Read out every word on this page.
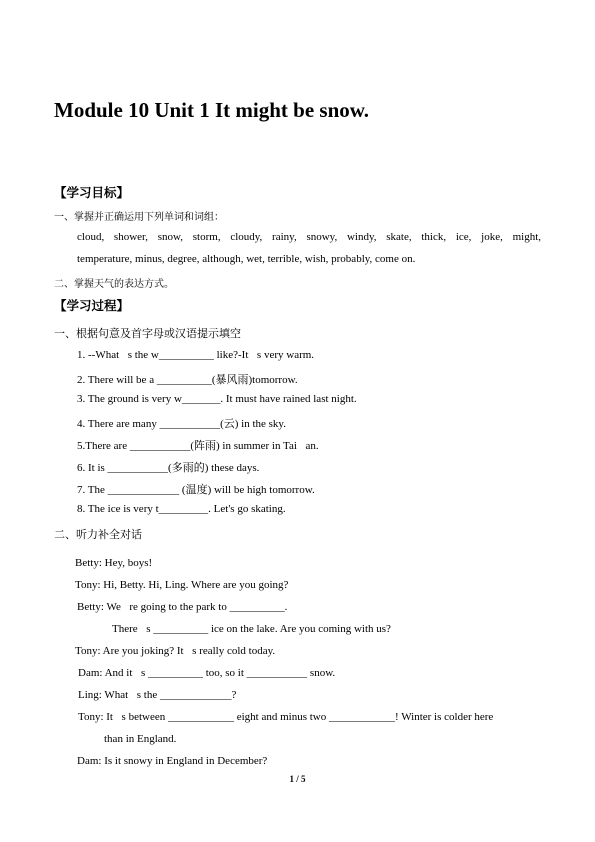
Module 10 Unit 1 It might be snow.
【学习目标】
一、掌握并正确运用下列单词和词组：
cloud, shower, snow, storm, cloudy, rainy, snowy, windy, skate, thick, ice, joke, might,
temperature, minus, degree, although, wet, terrible, wish, probably, come on.
二、掌握天气的表达方式。
【学习过程】
一、根据句意及首字母或汉语提示填空
1. --What s the w__________ like?-It s very warm.
2. There will be a __________(暴风雨)tomorrow.
3. The ground is very w_______. It must have rained last night.
4. There are many ___________(云) in the sky.
5.There are ___________(阵雨) in summer in Tai an.
6. It is ___________(多雨的) these days.
7. The _____________ (温度) will be high tomorrow.
8. The ice is very t_________. Let's go skating.
二、听力补全对话
Betty: Hey, boys!
Tony: Hi, Betty. Hi, Ling. Where are you going?
Betty: We re going to the park to __________.
There s __________ ice on the lake. Are you coming with us?
Tony: Are you joking? It s really cold today.
Dam: And it s __________ too, so it ___________ snow.
Ling: What s the _____________?
Tony: It s between ____________ eight and minus two ____________! Winter is colder here
than in England.
Dam: Is it snowy in England in December?
1 / 5
